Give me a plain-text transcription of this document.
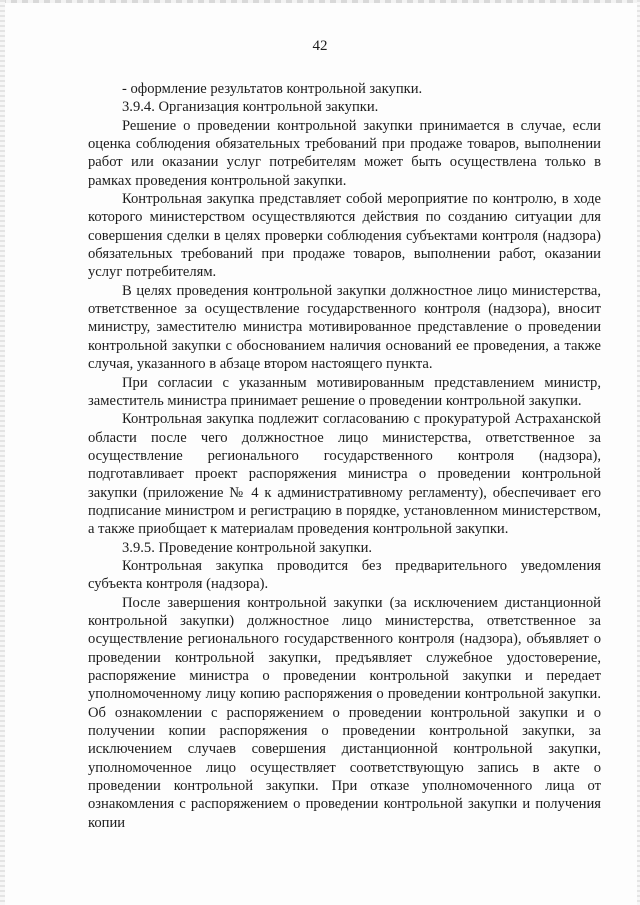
42

- оформление результатов контрольной закупки.

3.9.4. Организация контрольной закупки.

Решение о проведении контрольной закупки принимается в случае, если оценка соблюдения обязательных требований при продаже товаров, выполнении работ или оказании услуг потребителям может быть осуществлена только в рамках проведения контрольной закупки.

Контрольная закупка представляет собой мероприятие по контролю, в ходе которого министерством осуществляются действия по созданию ситуации для совершения сделки в целях проверки соблюдения субъектами контроля (надзора) обязательных требований при продаже товаров, выполнении работ, оказании услуг потребителям.

В целях проведения контрольной закупки должностное лицо министерства, ответственное за осуществление государственного контроля (надзора), вносит министру, заместителю министра мотивированное представление о проведении контрольной закупки с обоснованием наличия оснований ее проведения, а также случая, указанного в абзаце втором настоящего пункта.

При согласии с указанным мотивированным представлением министр, заместитель министра принимает решение о проведении контрольной закупки.

Контрольная закупка подлежит согласованию с прокуратурой Астраханской области после чего должностное лицо министерства, ответственное за осуществление регионального государственного контроля (надзора), подготавливает проект распоряжения министра о проведении контрольной закупки (приложение № 4 к административному регламенту), обеспечивает его подписание министром и регистрацию в порядке, установленном министерством, а также приобщает к материалам проведения контрольной закупки.

3.9.5. Проведение контрольной закупки.

Контрольная закупка проводится без предварительного уведомления субъекта контроля (надзора).

После завершения контрольной закупки (за исключением дистанционной контрольной закупки) должностное лицо министерства, ответственное за осуществление регионального государственного контроля (надзора), объявляет о проведении контрольной закупки, предъявляет служебное удостоверение, распоряжение министра о проведении контрольной закупки и передает уполномоченному лицу копию распоряжения о проведении контрольной закупки. Об ознакомлении с распоряжением о проведении контрольной закупки и о получении копии распоряжения о проведении контрольной закупки, за исключением случаев совершения дистанционной контрольной закупки, уполномоченное лицо осуществляет соответствующую запись в акте о проведении контрольной закупки. При отказе уполномоченного лица от ознакомления с распоряжением о проведении контрольной закупки и получения копии
